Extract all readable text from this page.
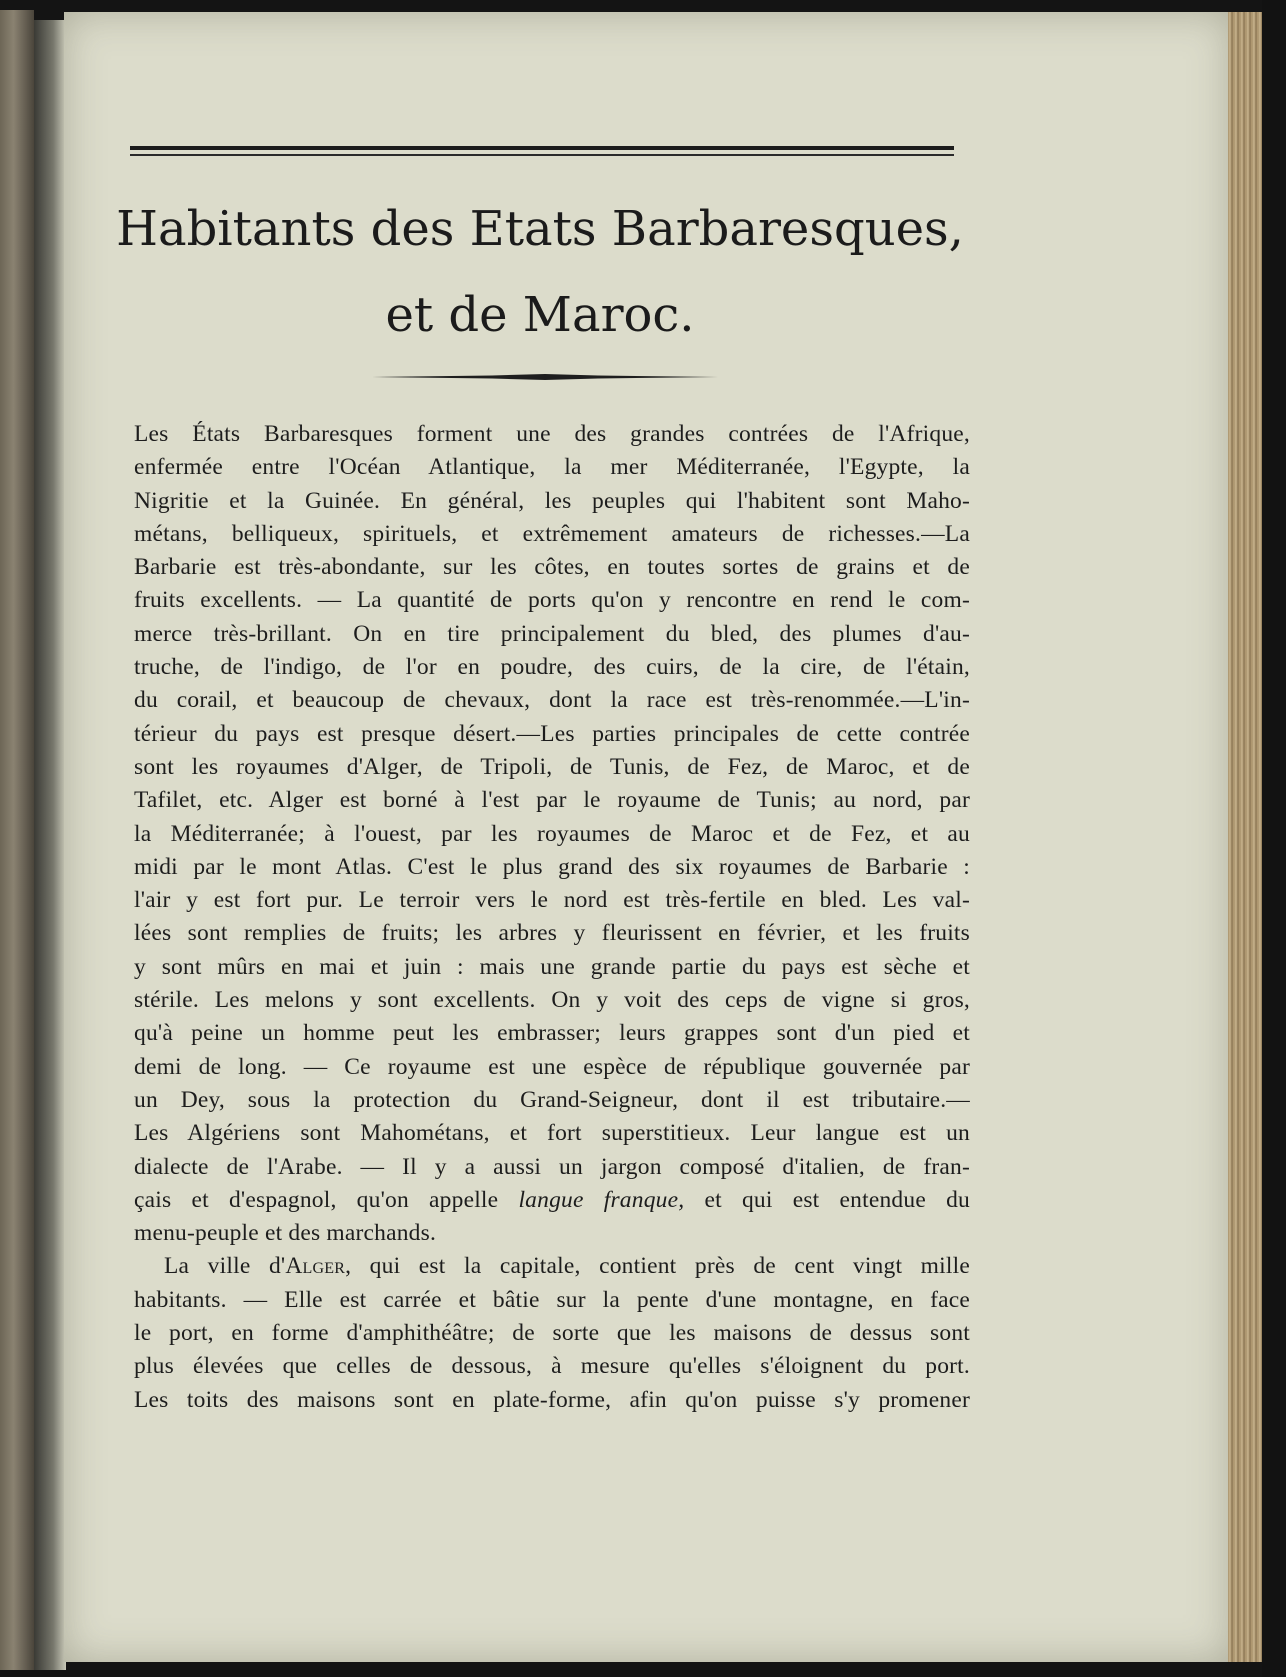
Habitants des Etats Barbaresques,
et de Maroc.

Les États Barbaresques forment une des grandes contrées de l'Afrique,
enfermée entre l'Océan Atlantique, la mer Méditerranée, l'Egypte, la
Nigritie et la Guinée. En général, les peuples qui l'habitent sont Maho-
métans, belliqueux, spirituels, et extrêmement amateurs de richesses.—La
Barbarie est très-abondante, sur les côtes, en toutes sortes de grains et de
fruits excellents. — La quantité de ports qu'on y rencontre en rend le com-
merce très-brillant. On en tire principalement du bled, des plumes d'au-
truche, de l'indigo, de l'or en poudre, des cuirs, de la cire, de l'étain,
du corail, et beaucoup de chevaux, dont la race est très-renommée.—L'in-
térieur du pays est presque désert.—Les parties principales de cette contrée
sont les royaumes d'Alger, de Tripoli, de Tunis, de Fez, de Maroc, et de
Tafilet, etc. Alger est borné à l'est par le royaume de Tunis; au nord, par
la Méditerranée; à l'ouest, par les royaumes de Maroc et de Fez, et au
midi par le mont Atlas. C'est le plus grand des six royaumes de Barbarie :
l'air y est fort pur. Le terroir vers le nord est très-fertile en bled. Les val-
lées sont remplies de fruits; les arbres y fleurissent en février, et les fruits
y sont mûrs en mai et juin : mais une grande partie du pays est sèche et
stérile. Les melons y sont excellents. On y voit des ceps de vigne si gros,
qu'à peine un homme peut les embrasser; leurs grappes sont d'un pied et
demi de long. — Ce royaume est une espèce de république gouvernée par
un Dey, sous la protection du Grand-Seigneur, dont il est tributaire.—
Les Algériens sont Mahométans, et fort superstitieux. Leur langue est un
dialecte de l'Arabe. — Il y a aussi un jargon composé d'italien, de fran-
çais et d'espagnol, qu'on appelle langue franque, et qui est entendue du
menu-peuple et des marchands.

La ville d'Alger, qui est la capitale, contient près de cent vingt mille
habitants. — Elle est carrée et bâtie sur la pente d'une montagne, en face
le port, en forme d'amphithéâtre; de sorte que les maisons de dessus sont
plus élevées que celles de dessous, à mesure qu'elles s'éloignent du port.
Les toits des maisons sont en plate-forme, afin qu'on puisse s'y promener
